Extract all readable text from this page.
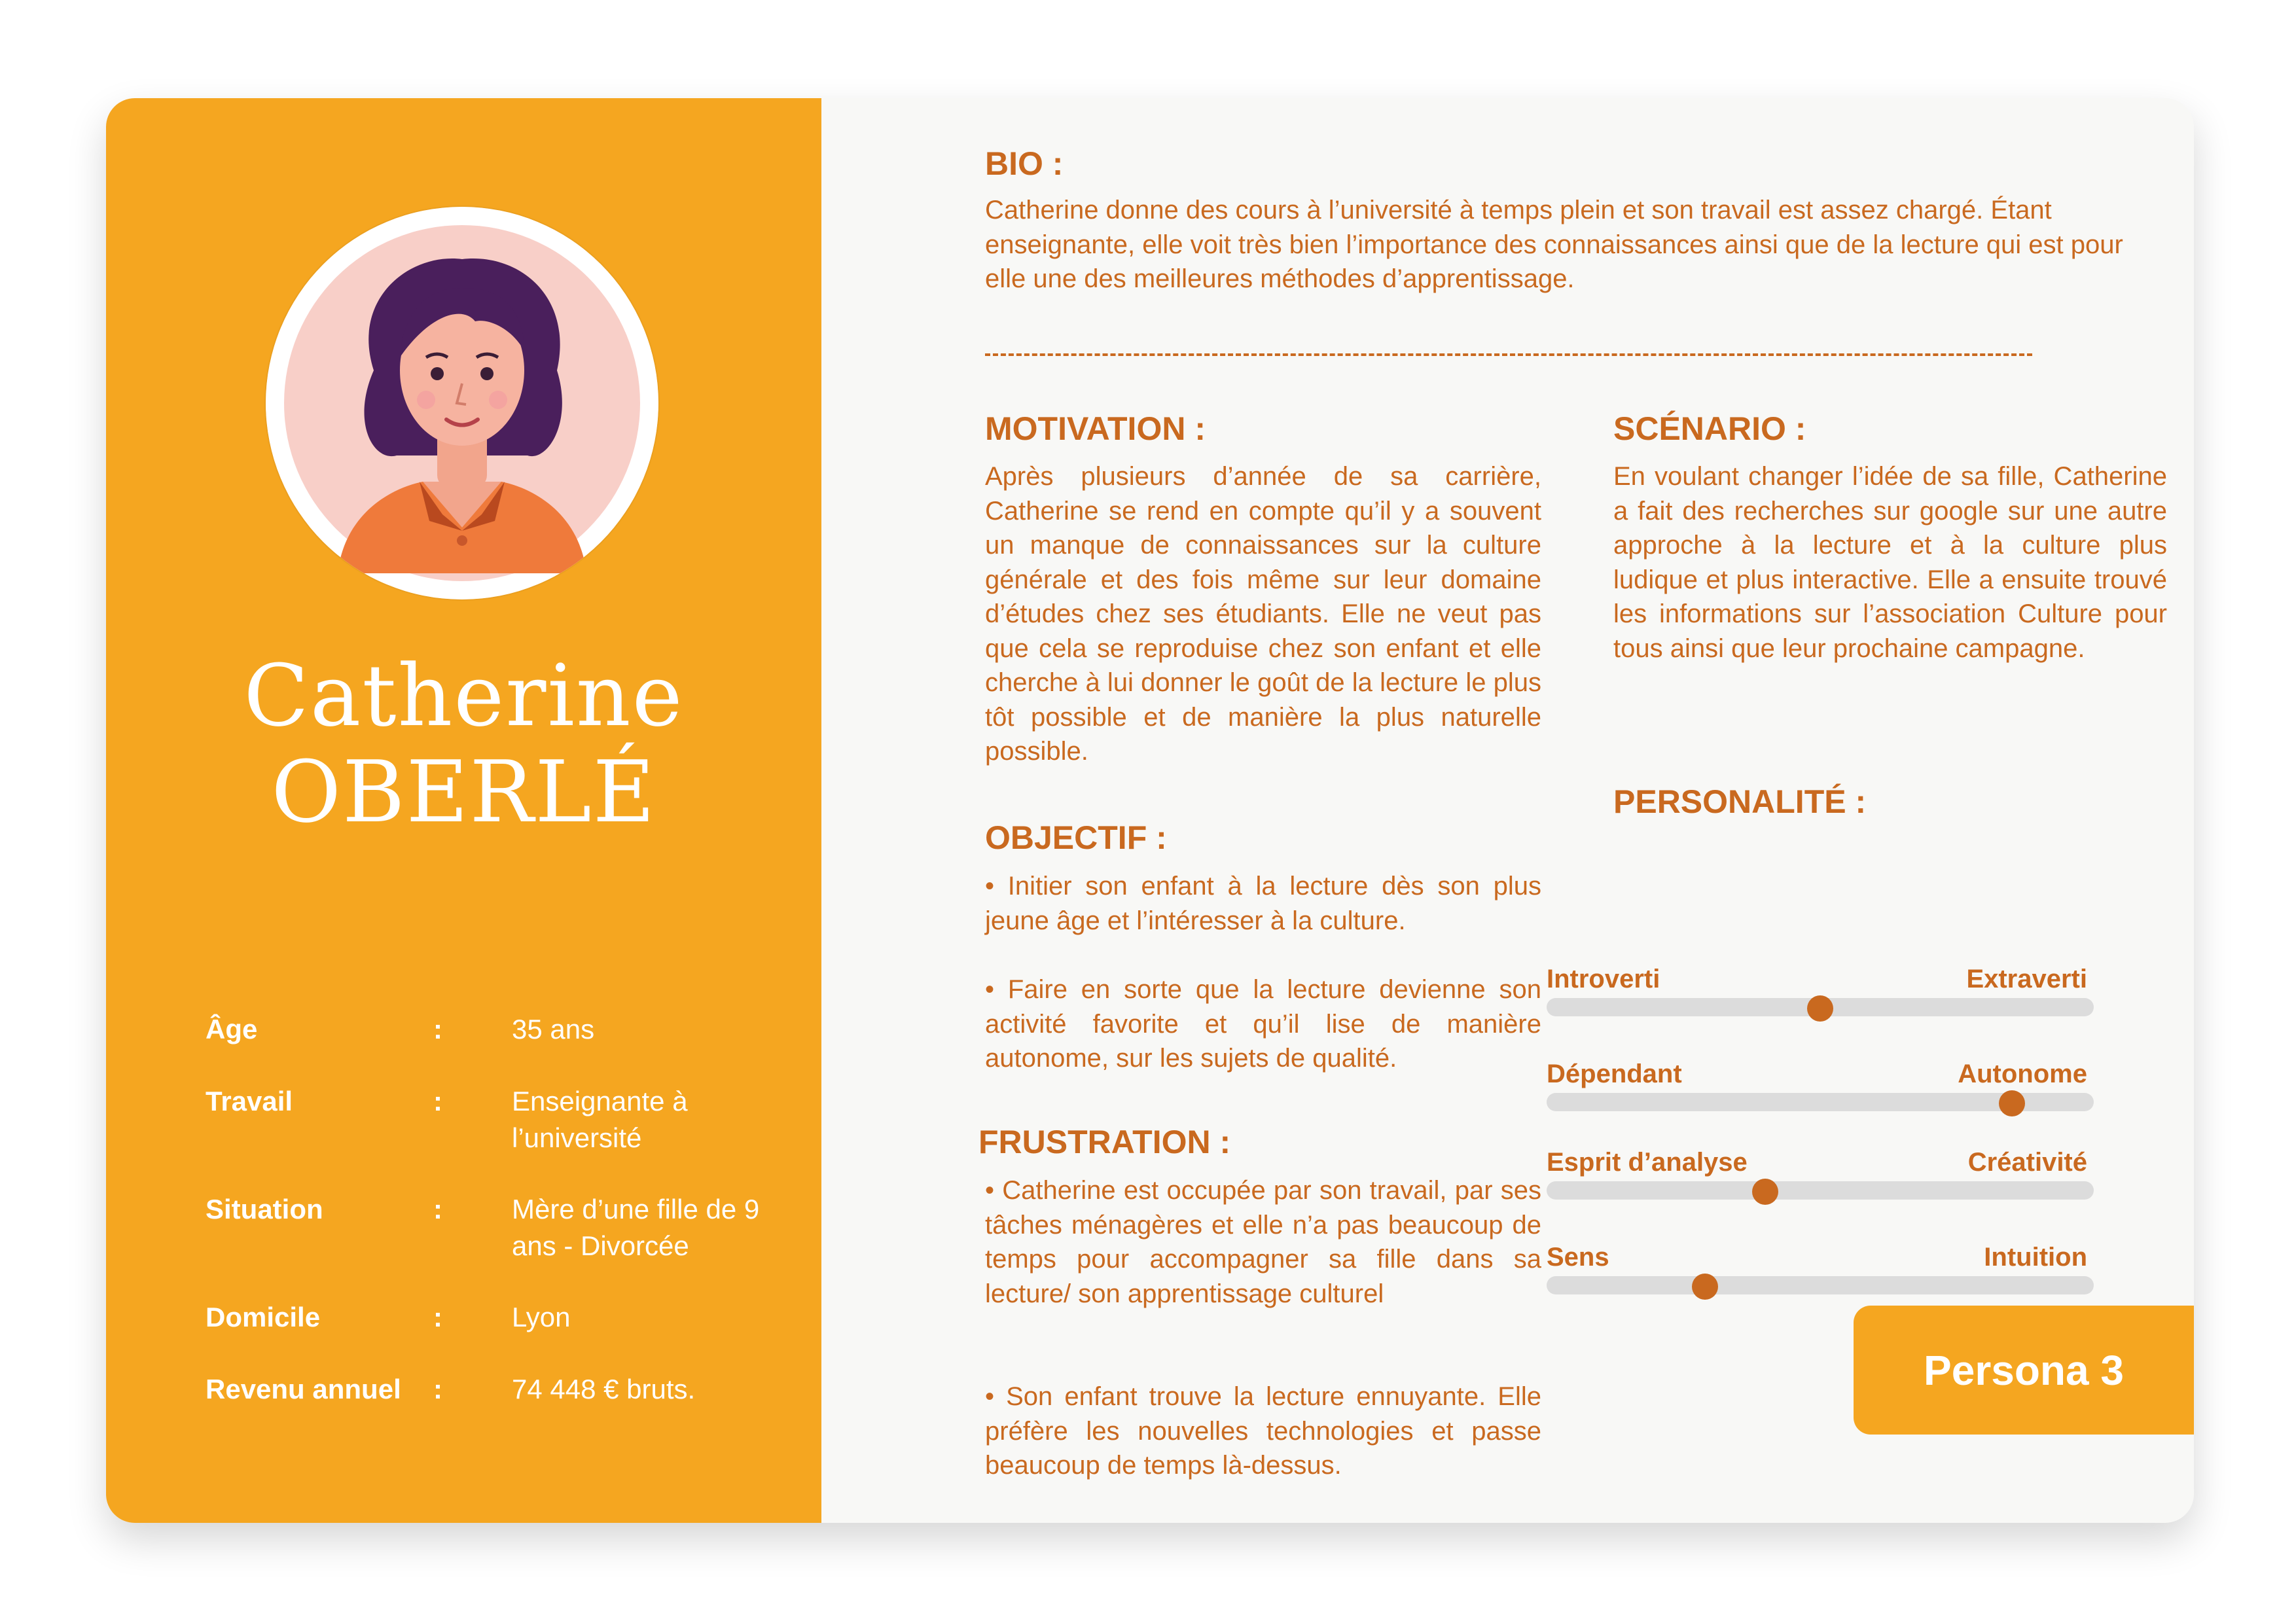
Catherine
OBERLÉ
Âge	:	35 ans
Travail	:	Enseignante à l’université
Situation	:	Mère d’une fille de 9 ans - Divorcée
Domicile	:	Lyon
Revenu annuel :	74 448 € bruts.
BIO :
Catherine donne des cours à l’université à temps plein et son travail est assez chargé. Étant enseignante, elle voit très bien l’importance des connaissances ainsi que de la lecture qui est pour elle une des meilleures méthodes d’apprentissage.
MOTIVATION :
Après plusieurs d’année de sa carrière, Catherine se rend en compte qu’il y a souvent un manque de connaissances sur la culture générale et des fois même sur leur domaine d’études chez ses étudiants. Elle ne veut pas que cela se reproduise chez son enfant et elle cherche à lui donner le goût de la lecture le plus tôt possible et de manière la plus naturelle possible.
OBJECTIF :
• Initier son enfant à la lecture dès son plus jeune âge et l’intéresser à la culture.
• Faire en sorte que la lecture devienne son activité favorite et qu’il lise de manière autonome, sur les sujets de qualité.
FRUSTRATION :
• Catherine est occupée par son travail, par ses tâches ménagères et elle n’a pas beaucoup de temps pour accompagner sa fille dans sa lecture/ son apprentissage culturel
• Son enfant trouve la lecture ennuyante. Elle préfère les nouvelles technologies et passe beaucoup de temps là-dessus.
SCÉNARIO :
En voulant changer l’idée de sa fille, Catherine a fait des recherches sur google sur une autre approche à la lecture et à la culture plus ludique et plus interactive. Elle a ensuite trouvé les informations sur l’association Culture pour tous ainsi que leur prochaine campagne.
PERSONALITÉ :
Introverti	Extraverti
Dépendant	Autonome
Esprit d’analyse	Créativité
Sens	Intuition
Persona 3
